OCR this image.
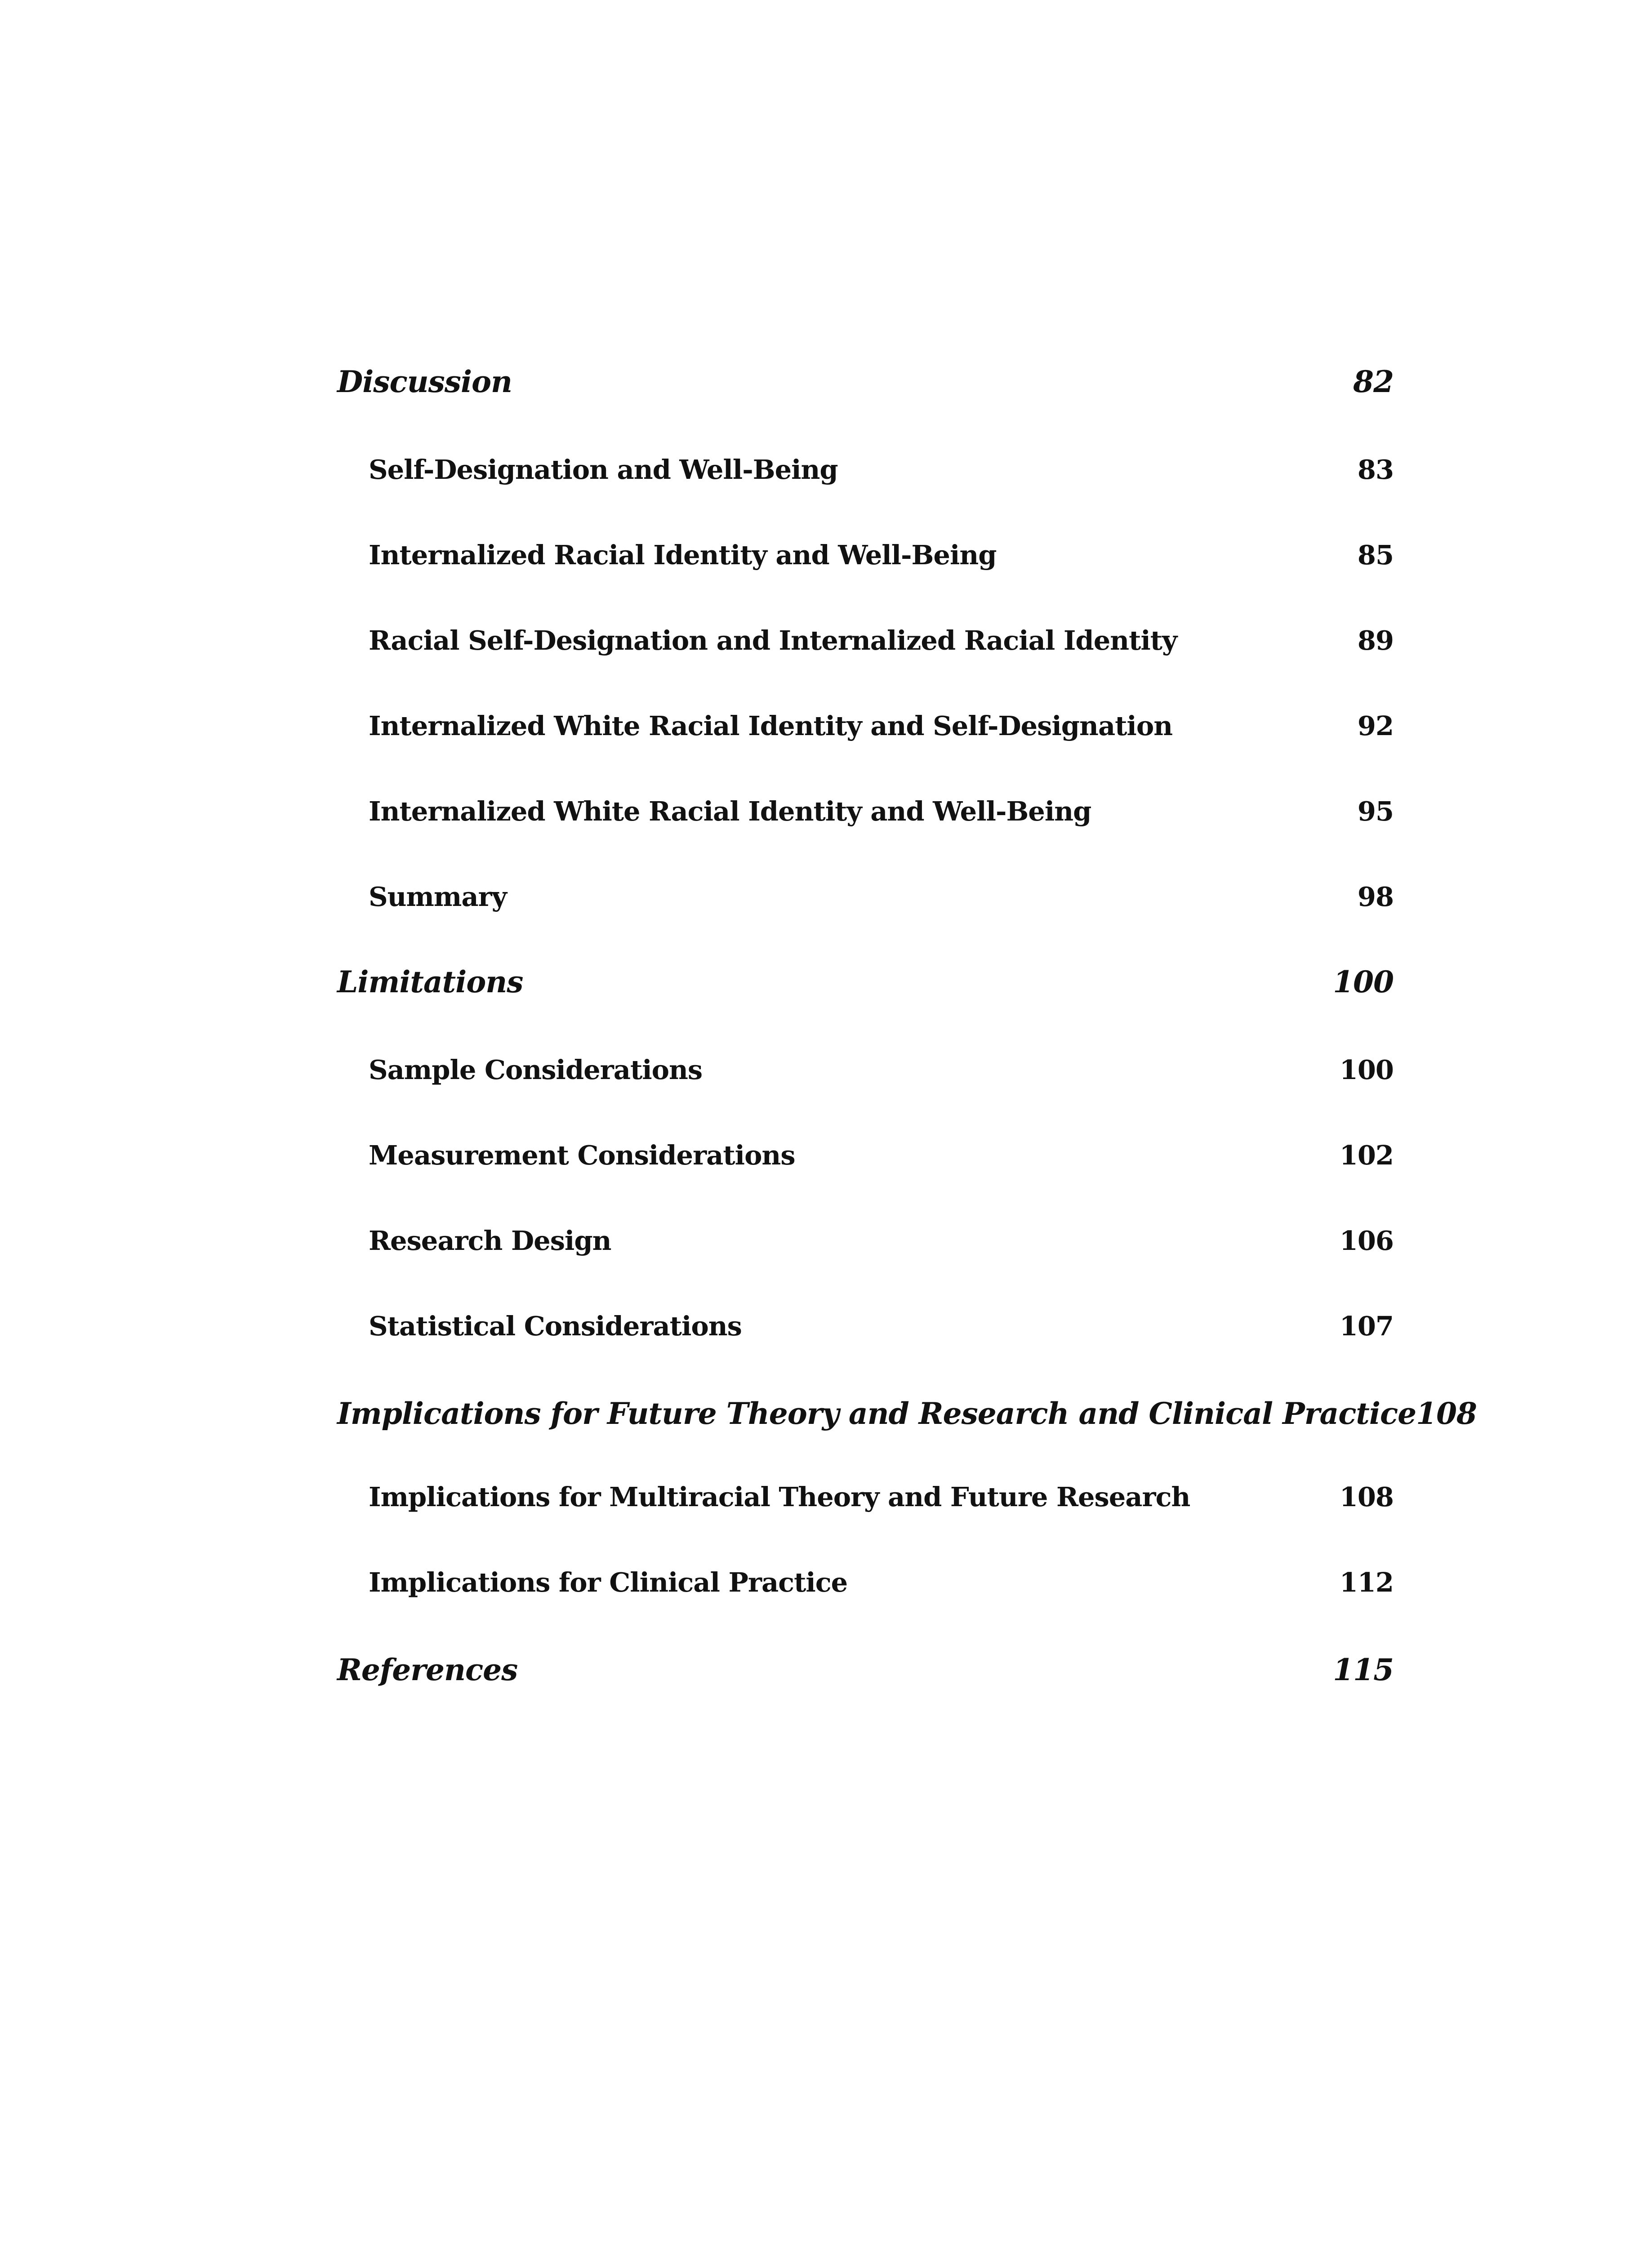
Discussion	82
Self-Designation and Well-Being	83
Internalized Racial Identity and Well-Being	85
Racial Self-Designation and Internalized Racial Identity	89
Internalized White Racial Identity and Self-Designation	92
Internalized White Racial Identity and Well-Being	95
Summary	98
Limitations	100
Sample Considerations	100
Measurement Considerations	102
Research Design	106
Statistical Considerations	107
Implications for Future Theory and Research and Clinical Practice 108
Implications for Multiracial Theory and Future Research	108
Implications for Clinical Practice	112
References	115
